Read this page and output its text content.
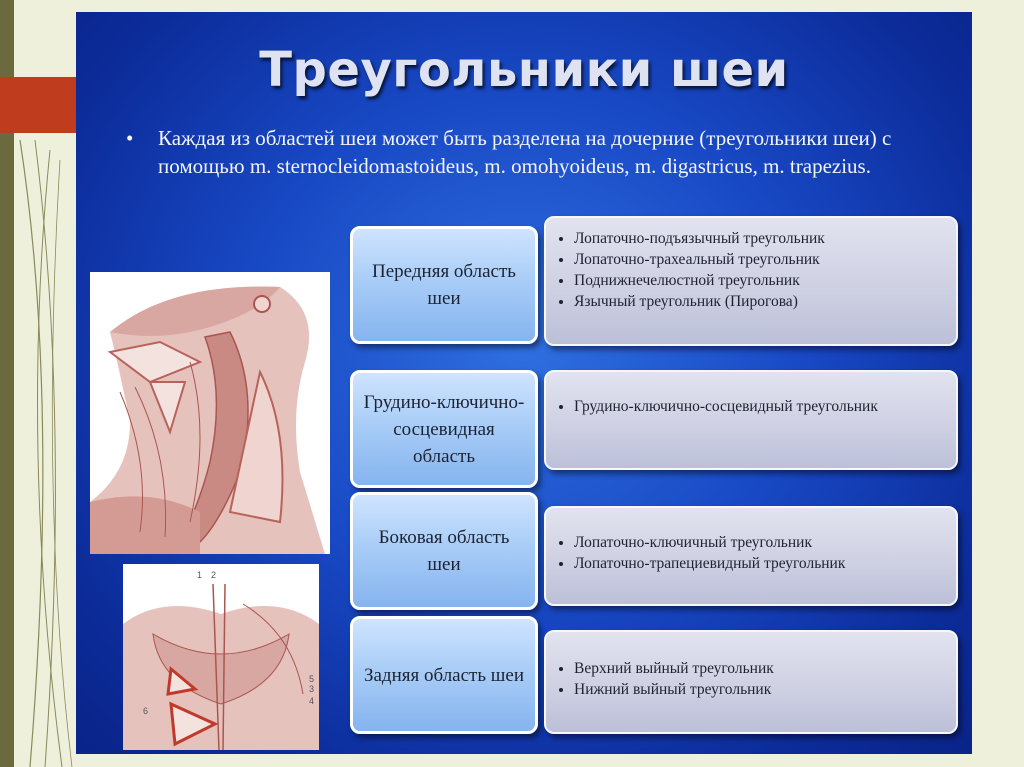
Треугольники шеи
• Каждая из областей шеи может быть разделена на дочерние (треугольники шеи) с помощью m. sternocleidomastoideus, m. omohyoideus, m. digastricus, m. trapezius.
1 2
3
4
5
6
Передняя область шеи
• Лопаточно-подъязычный треугольник
• Лопаточно-трахеальный треугольник
• Поднижнечелюстной треугольник
• Язычный треугольник (Пирогова)
Грудино-ключично-сосцевидная область
• Грудино-ключично-сосцевидный треугольник
Боковая область шеи
• Лопаточно-ключичный треугольник
• Лопаточно-трапециевидный треугольник
Задняя область шеи
•	Верхний выйный треугольник
• Нижний выйный треугольник
